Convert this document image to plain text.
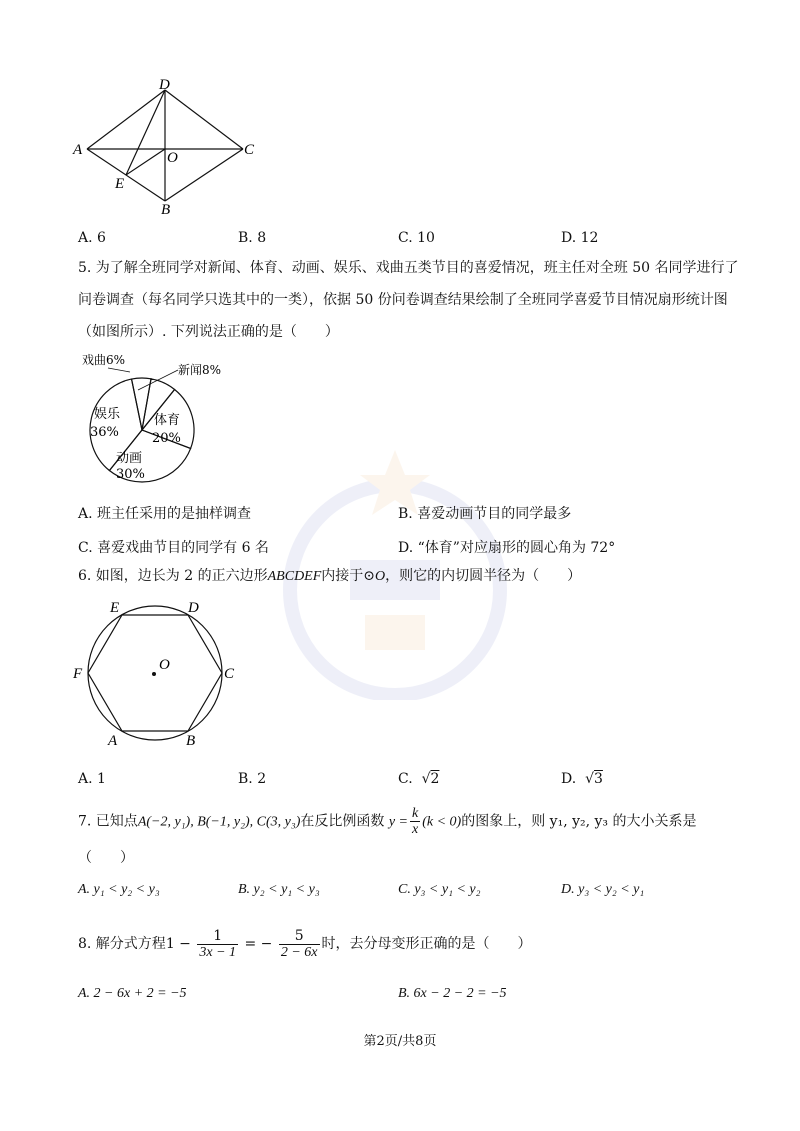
D
A	C
O
E
B
A. 6	B. 8	C. 10	D. 12
5. 为了解全班同学对新闻、体育、动画、娱乐、戏曲五类节目的喜爱情况，班主任对全班 50 名同学进行了
问卷调查（每名同学只选其中的一类），依据 50 份问卷调查结果绘制了全班同学喜爱节目情况扇形统计图
（如图所示）. 下列说法正确的是（　　）
戏曲6%
新闻8%
娱乐
36%
体育
20%
动画
30%
A. 班主任采用的是抽样调查	B. 喜爱动画节目的同学最多
C. 喜爱戏曲节目的同学有 6 名	D. “体育”对应扇形的圆心角为 72°
6. 如图，边长为 2 的正六边形ABCDEF内接于⊙O，则它的内切圆半径为（　　）
E	D
F	C
O
A	B
A. 1	B. 2	C.  √2	D.  √3
7. 已知点A(−2, y₁), B(−1, y₂), C(3, y₃)在反比例函数 $y = \frac{k}{x} (k < 0)$的图象上，则 y₁, y₂, y₃ 的大小关系是
（　　）
A. y₁ < y₂ < y₃	B. y₂ < y₁ < y₃	C. y₃ < y₁ < y₂	D. y₃ < y₂ < y₁
8. 解分式方程$1 - \frac{1}{3x - 1}$ = − $\frac{5}{2 - 6x}$ 时，去分母变形正确的是（　　）
A. 2 − 6x + 2 = −5	B. 6x − 2 − 2 = −5
第2页/共8页
